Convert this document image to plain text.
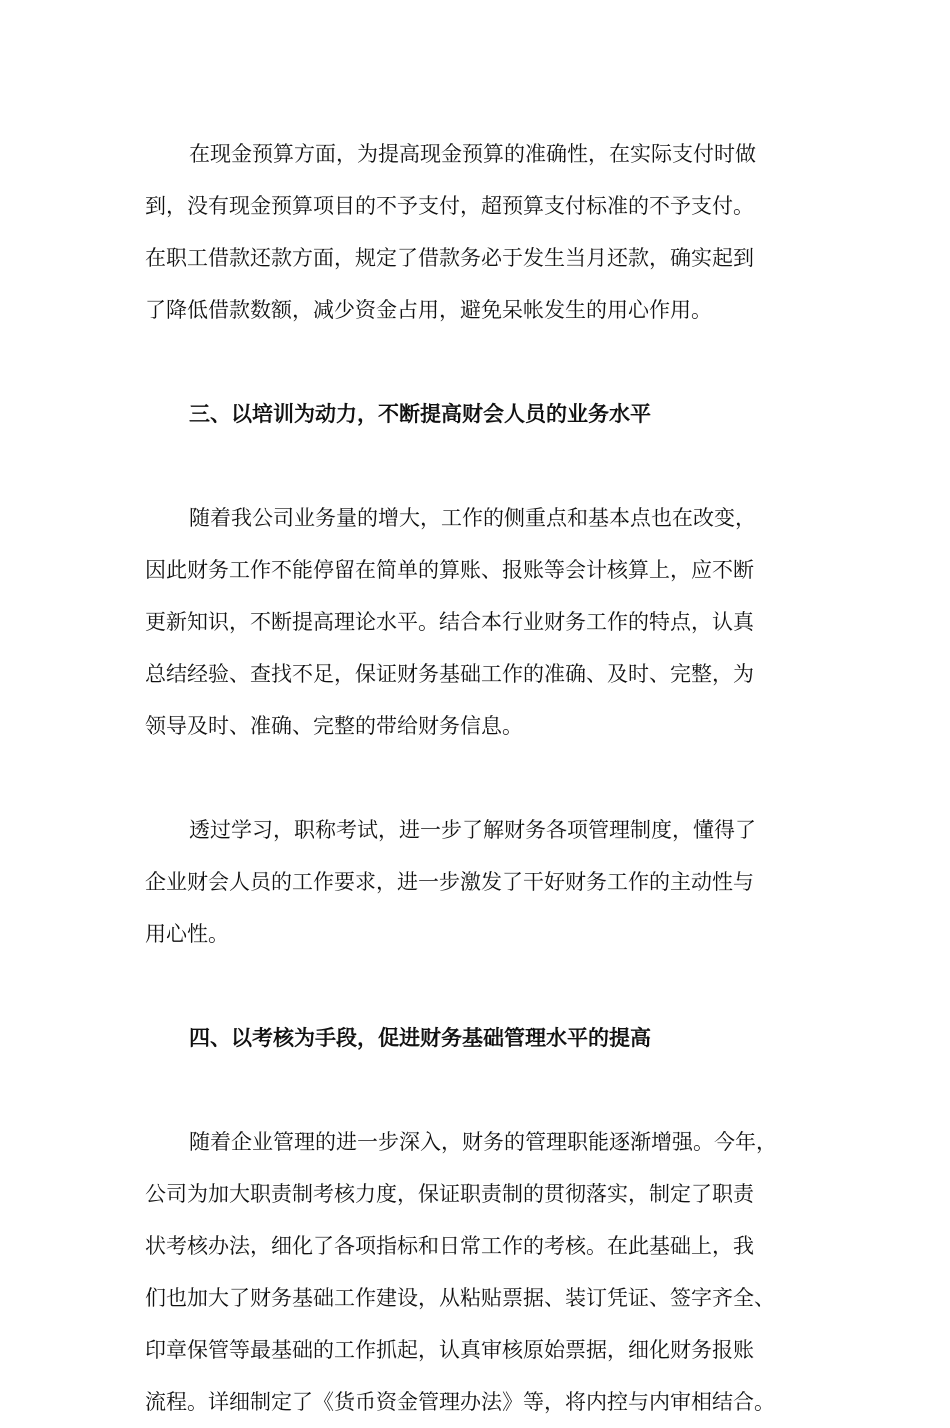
在现金预算方面，为提高现金预算的准确性，在实际支付时做
到，没有现金预算项目的不予支付，超预算支付标准的不予支付。
在职工借款还款方面，规定了借款务必于发生当月还款，确实起到
了降低借款数额，减少资金占用，避免呆帐发生的用心作用。
三、以培训为动力，不断提高财会人员的业务水平
随着我公司业务量的增大，工作的侧重点和基本点也在改变，
因此财务工作不能停留在简单的算账、报账等会计核算上，应不断
更新知识，不断提高理论水平。结合本行业财务工作的特点，认真
总结经验、查找不足，保证财务基础工作的准确、及时、完整，为
领导及时、准确、完整的带给财务信息。
透过学习，职称考试，进一步了解财务各项管理制度，懂得了
企业财会人员的工作要求，进一步激发了干好财务工作的主动性与
用心性。
四、以考核为手段，促进财务基础管理水平的提高
随着企业管理的进一步深入，财务的管理职能逐渐增强。今年，
公司为加大职责制考核力度，保证职责制的贯彻落实，制定了职责
状考核办法，细化了各项指标和日常工作的考核。在此基础上，我
们也加大了财务基础工作建设，从粘贴票据、装订凭证、签字齐全、
印章保管等最基础的工作抓起，认真审核原始票据，细化财务报账
流程。详细制定了《货币资金管理办法》等，将内控与内审相结合。
